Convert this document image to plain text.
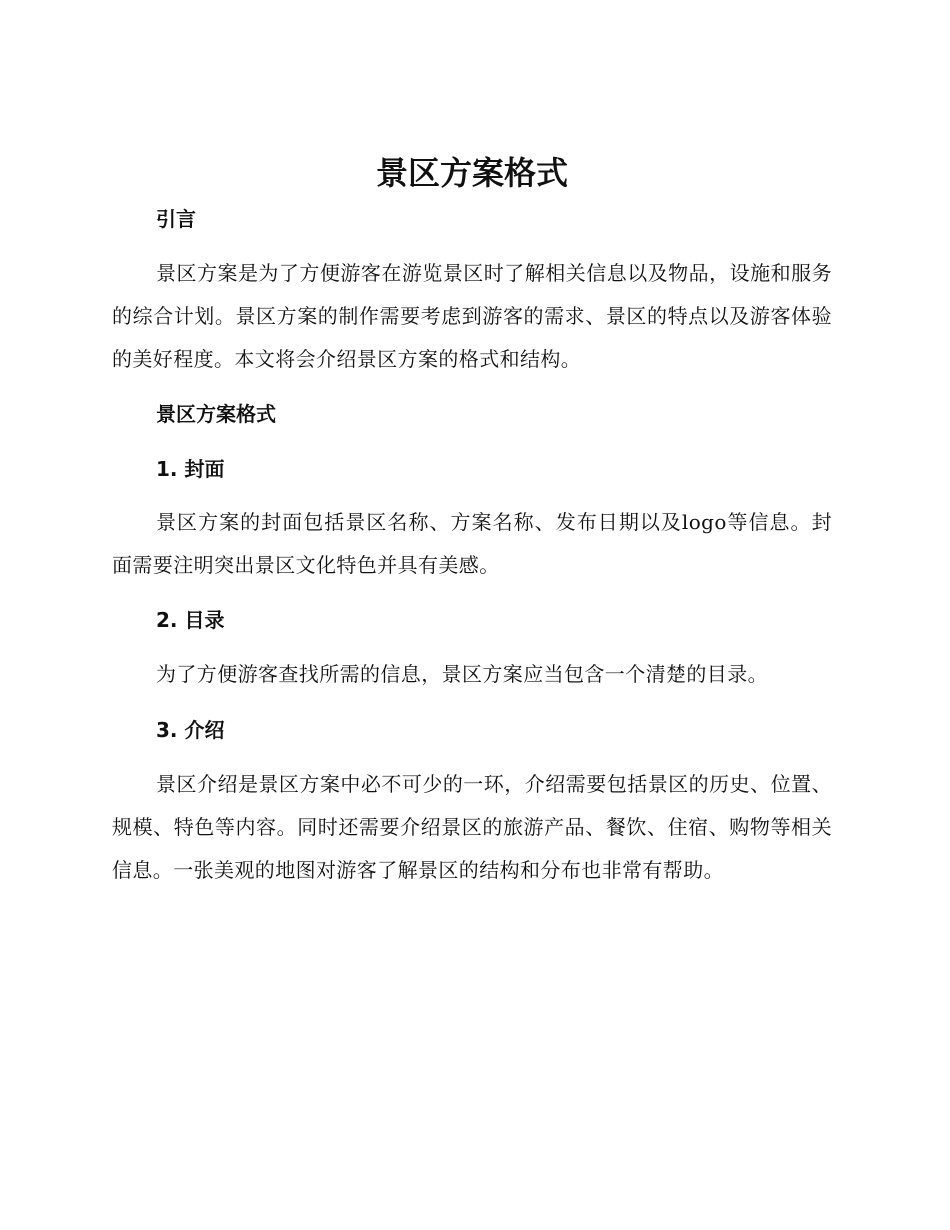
景区方案格式
引言

景区方案是为了方便游客在游览景区时了解相关信息以及物品，设施和服务的综合计划。景区方案的制作需要考虑到游客的需求、景区的特点以及游客体验的美好程度。本文将会介绍景区方案的格式和结构。

景区方案格式
1. 封面

景区方案的封面包括景区名称、方案名称、发布日期以及logo等信息。封面需要注明突出景区文化特色并具有美感。

2. 目录

为了方便游客查找所需的信息，景区方案应当包含一个清楚的目录。

3. 介绍

景区介绍是景区方案中必不可少的一环，介绍需要包括景区的历史、位置、规模、特色等内容。同时还需要介绍景区的旅游产品、餐饮、住宿、购物等相关信息。一张美观的地图对游客了解景区的结构和分布也非常有帮助。
